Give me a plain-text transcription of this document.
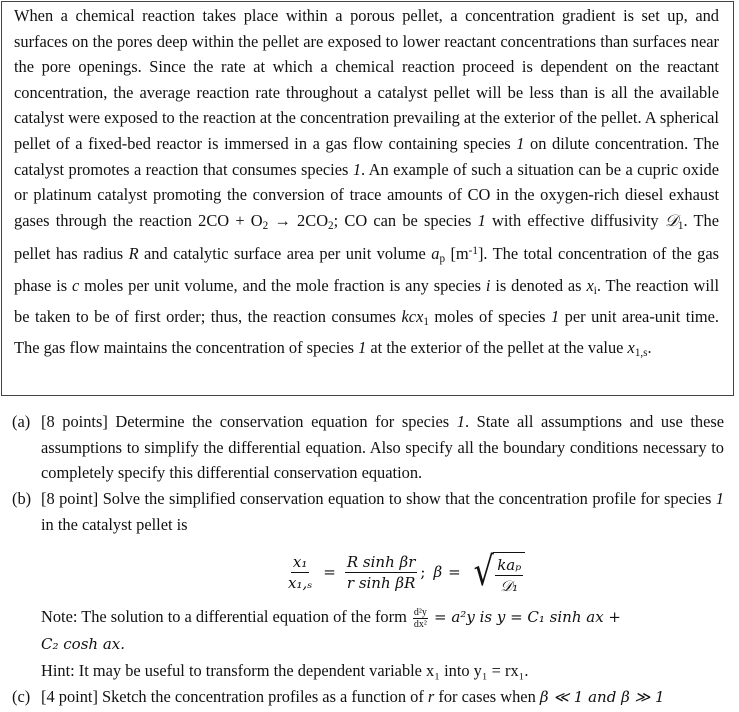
When a chemical reaction takes place within a porous pellet, a concentration gradient is set up, and surfaces on the pores deep within the pellet are exposed to lower reactant concentrations than surfaces near the pore openings. Since the rate at which a chemical reaction proceed is dependent on the reactant concentration, the average reaction rate throughout a catalyst pellet will be less than is all the available catalyst were exposed to the reaction at the concentration prevailing at the exterior of the pellet. A spherical pellet of a fixed-bed reactor is immersed in a gas flow containing species 1 on dilute concentration. The catalyst promotes a reaction that consumes species 1. An example of such a situation can be a cupric oxide or platinum catalyst promoting the conversion of trace amounts of CO in the oxygen-rich diesel exhaust gases through the reaction $2CO + O_2 \to 2CO_2$; CO can be species 1 with effective diffusivity 𝒟$_1$. The pellet has radius R and catalytic surface area per unit volume $a_p$ $[m^{-1}]$. The total concentration of the gas phase is c moles per unit volume, and the mole fraction is any species i is denoted as $x_i$. The reaction will be taken to be of first order; thus, the reaction consumes kcx$_1$ moles of species 1 per unit area-unit time. The gas flow maintains the concentration of species 1 at the exterior of the pellet at the value $x_{1,s}$.
(a) [8 points] Determine the conservation equation for species 1. State all assumptions and use these assumptions to simplify the differential equation. Also specify all the boundary conditions necessary to completely specify this differential conservation equation.
(b) [8 point] Solve the simplified conservation equation to show that the concentration profile for species 1 in the catalyst pellet is
$\frac{\text{x₁}}{\text{x₁,ₛ}} = \frac{\text{R sinh βr}}{\text{r sinh βR}}$ ; β = √ $\frac{\text{kaₚ}}{\text{𝒟₁}}$
Note: The solution to a differential equation of the form $\frac{\text{d²y}}{\text{dx²}} = a^2y$ is y = C₁ sinh ax +
C₂ cosh ax.
Hint: It may be useful to transform the dependent variable x₁ into y₁ = rx₁.
(c) [4 point] Sketch the concentration profiles as a function of r for cases when β ≪ 1 and β ≫ 1
